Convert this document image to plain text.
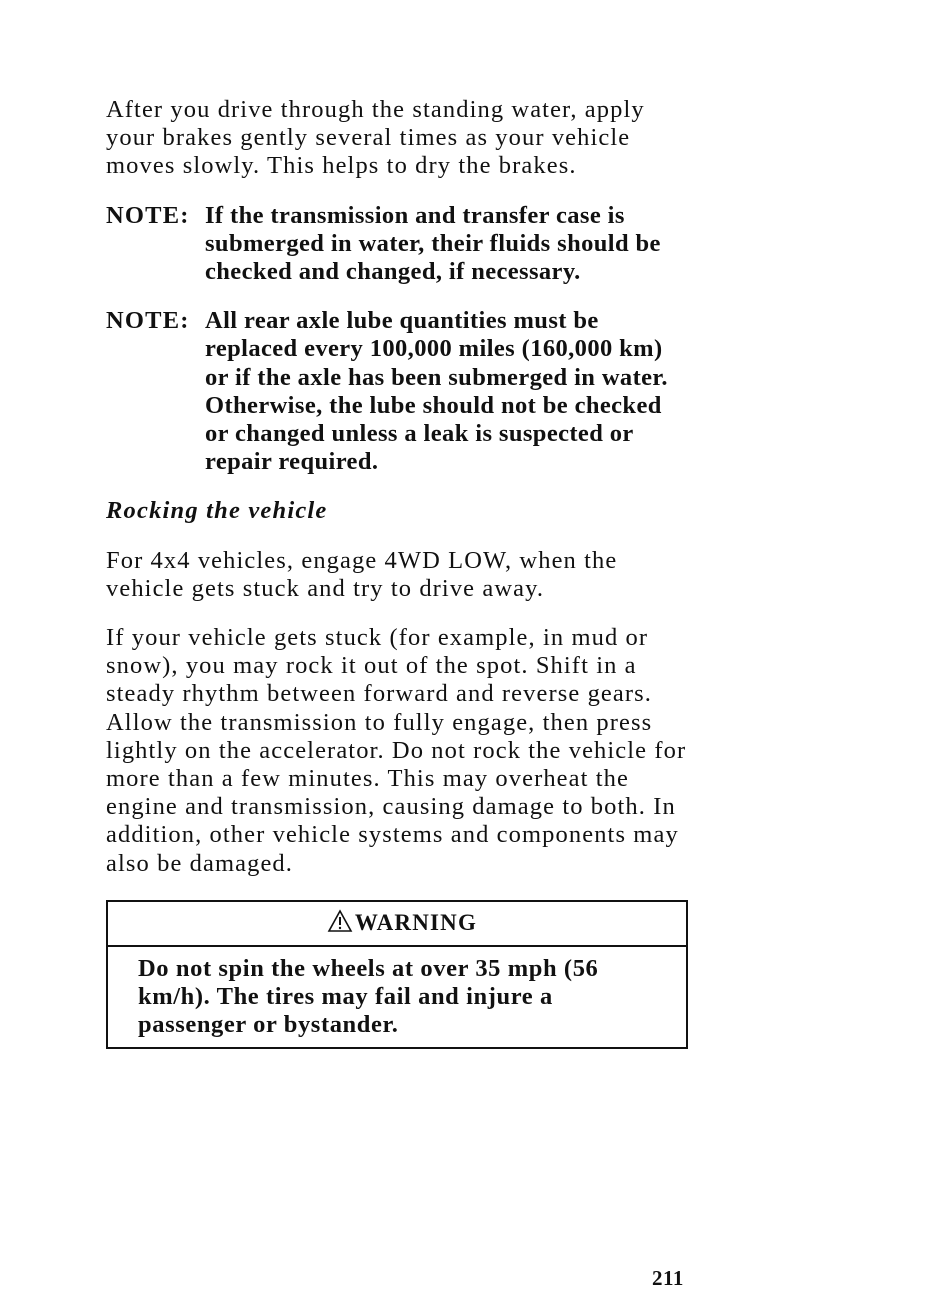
After you drive through the standing water, apply your brakes gently several times as your vehicle moves slowly. This helps to dry the brakes.

NOTE: If the transmission and transfer case is submerged in water, their fluids should be checked and changed, if necessary.
NOTE: All rear axle lube quantities must be replaced every 100,000 miles (160,000 km) or if the axle has been submerged in water. Otherwise, the lube should not be checked or changed unless a leak is suspected or repair required.
Rocking the vehicle

For 4x4 vehicles, engage 4WD LOW, when the vehicle gets stuck and try to drive away.

If your vehicle gets stuck (for example, in mud or snow), you may rock it out of the spot. Shift in a steady rhythm between forward and reverse gears. Allow the transmission to fully engage, then press lightly on the accelerator. Do not rock the vehicle for more than a few minutes. This may overheat the engine and transmission, causing damage to both. In addition, other vehicle systems and components may also be damaged.

WARNING
Do not spin the wheels at over 35 mph (56 km/h). The tires may fail and injure a passenger or bystander.
211
